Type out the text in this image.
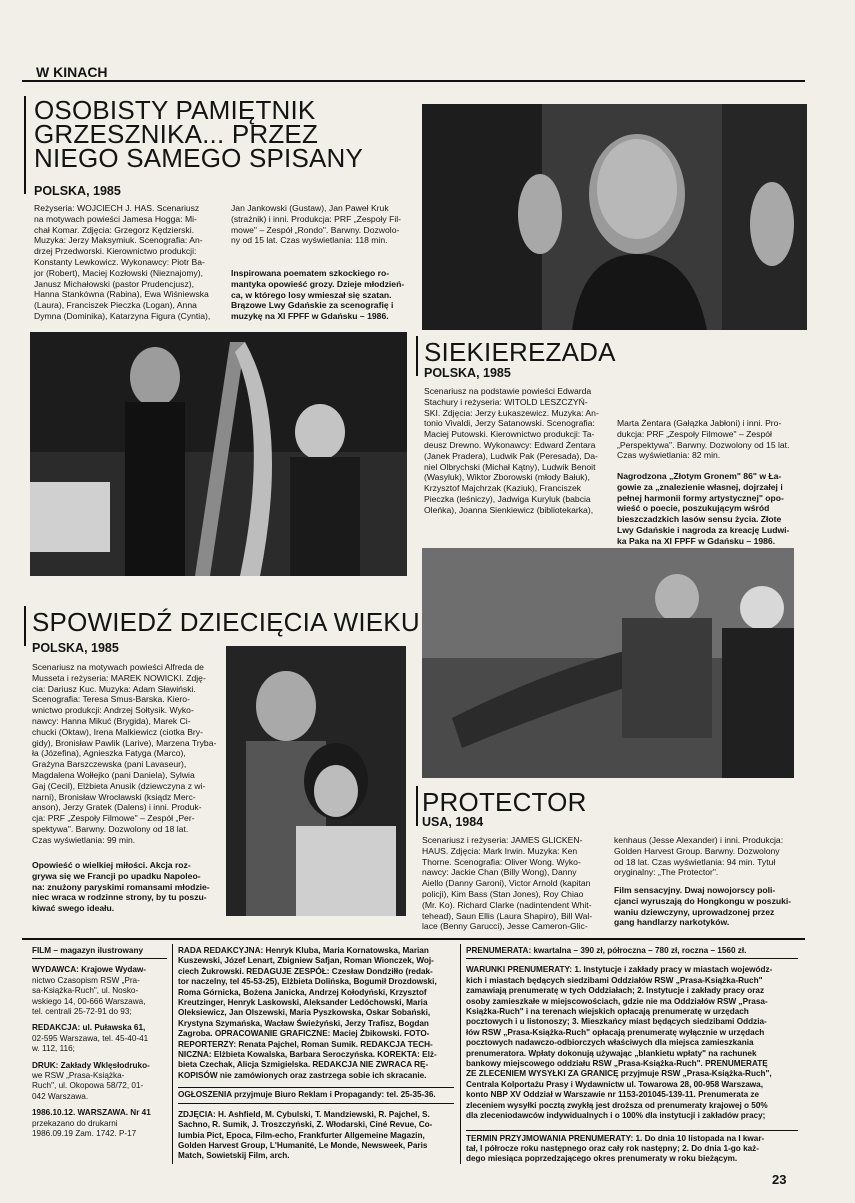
W KINACH
OSOBISTY PAMIĘTNIK
GRZESZNIKA... PRZEZ
NIEGO SAMEGO SPISANY
POLSKA, 1985
Reżyseria: WOJCIECH J. HAS. Scenariusz
na motywach powieści Jamesa Hogga: Mi-
chał Komar. Zdjęcia: Grzegorz Kędzierski.
Muzyka: Jerzy Maksymiuk. Scenografia: An-
drzej Przedworski. Kierownictwo produkcji:
Konstanty Lewkowicz. Wykonawcy: Piotr Ba-
jor (Robert), Maciej Kozłowski (Nieznajomy),
Janusz Michałowski (pastor Prudencjusz),
Hanna Stankówna (Rabina), Ewa Wiśniewska
(Laura), Franciszek Pieczka (Logan), Anna
Dymna (Dominika), Katarzyna Figura (Cyntia),
Jan Jankowski (Gustaw), Jan Paweł Kruk
(strażnik) i inni. Produkcja: PRF „Zespoły Fil-
mowe" – Zespół „Rondo". Barwny. Dozwolo-
ny od 15 lat. Czas wyświetlania: 118 min.
Inspirowana poematem szkockiego ro-
mantyka opowieść grozy. Dzieje młodzień-
ca, w którego losy wmieszał się szatan.
Brązowe Lwy Gdańskie za scenografię i
muzykę na XI FPFF w Gdańsku – 1986.
SIEKIEREZADA
POLSKA, 1985
Scenariusz na podstawie powieści Edwarda
Stachury i reżyseria: WITOLD LESZCZYŃ-
SKI. Zdjęcia: Jerzy Łukaszewicz. Muzyka: An-
tonio Vivaldi, Jerzy Satanowski. Scenografia:
Maciej Putowski. Kierownictwo produkcji: Ta-
deusz Drewno. Wykonawcy: Edward Żentara
(Janek Pradera), Ludwik Pak (Peresada), Da-
niel Olbrychski (Michał Kątny), Ludwik Benoit
(Wasyluk), Wiktor Zborowski (młody Bałuk),
Krzysztof Majchrzak (Kaziuk), Franciszek
Pieczka (leśniczy), Jadwiga Kuryluk (babcia
Oleńka), Joanna Sienkiewicz (bibliotekarka),
Marta Żentara (Gałązka Jabłoni) i inni. Pro-
dukcja: PRF „Zespoły Filmowe" – Zespół
„Perspektywa". Barwny. Dozwolony od 15 lat.
Czas wyświetlania: 82 min.
Nagrodzona „Złotym Gronem" 86" w Ła-
gowie za „znalezienie własnej, dojrzałej i
pełnej harmonii formy artystycznej" opo-
wieść o poecie, poszukującym wśród
bieszczadzkich lasów sensu życia. Złote
Lwy Gdańskie i nagroda za kreację Ludwi-
ka Paka na XI FPFF w Gdańsku – 1986.
SPOWIEDŹ DZIECIĘCIA WIEKU
POLSKA, 1985
Scenariusz na motywach powieści Alfreda de
Musseta i reżyseria: MAREK NOWICKI. Zdję-
cia: Dariusz Kuc. Muzyka: Adam Sławiński.
Scenografia: Teresa Smus-Barska. Kiero-
wnictwo produkcji: Andrzej Sołtysik. Wyko-
nawcy: Hanna Mikuć (Brygida), Marek Ci-
chucki (Oktaw), Irena Malkiewicz (ciotka Bry-
gidy), Bronisław Pawlik (Larive), Marzena Tryba-
ła (Józefina), Agnieszka Fatyga (Marco),
Grażyna Barszczewska (pani Lavaseur),
Magdalena Wołłejko (pani Daniela), Sylwia
Gaj (Cecil), Elżbieta Anusik (dziewczyna z wi-
narni), Bronisław Wrocławski (ksiądz Merc-
anson), Jerzy Gratek (Dalens) i inni. Produk-
cja: PRF „Zespoły Filmowe" – Zespół „Per-
spektywa". Barwny. Dozwolony od 18 lat.
Czas wyświetlania: 99 min.
Opowieść o wielkiej miłości. Akcja roz-
grywa się we Francji po upadku Napoleo-
na: znużony paryskimi romansami młodzie-
niec wraca w rodzinne strony, by tu poszu-
kiwać swego ideału.
PROTECTOR
USA, 1984
Scenariusz i reżyseria: JAMES GLICKEN-
HAUS. Zdjęcia: Mark Irwin. Muzyka: Ken
Thorne. Scenografia: Oliver Wong. Wyko-
nawcy: Jackie Chan (Billy Wong), Danny
Aiello (Danny Garoni), Victor Arnold (kapitan
policji), Kim Bass (Stan Jones), Roy Chiao
(Mr. Ko). Richard Clarke (nadintendent Whit-
tehead), Saun Ellis (Laura Shapiro), Bill Wal-
lace (Benny Garucci), Jesse Cameron-Glic-
kenhaus (Jesse Alexander) i inni. Produkcja:
Golden Harvest Group. Barwny. Dozwolony
od 18 lat. Czas wyświetlania: 94 min. Tytuł
oryginalny: „The Protector".
Film sensacyjny. Dwaj nowojorscy poli-
cjanci wyruszają do Hongkongu w poszuki-
waniu dziewczyny, uprowadzonej przez
gang handlarzy narkotyków.
FILM – magazyn ilustrowany
WYDAWCA: Krajowe Wydaw-
nictwo Czasopism RSW „Pra-
sa-Książka-Ruch", ul. Nosko-
wskiego 14, 00-666 Warszawa,
tel. centrali 25-72-91 do 93;
REDAKCJA: ul. Puławska 61,
02-595 Warszawa, tel. 45-40-41
w. 112, 116;
DRUK: Zakłady Wklęsłodruko-
we RSW „Prasa-Książka-
Ruch", ul. Okopowa 58/72, 01-
042 Warszawa.
1986.10.12. WARSZAWA. Nr 41
przekazano do drukarni
1986.09.19 Zam. 1742. P-17
RADA REDAKCYJNA: Henryk Kluba, Maria Kornatowska, Marian
Kuszewski, Józef Lenart, Zbigniew Safjan, Roman Wionczek, Woj-
ciech Żukrowski. REDAGUJE ZESPÓŁ: Czesław Dondziłło (redak-
tor naczelny, tel 45-53-25), Elżbieta Dolińska, Bogumił Drozdowski,
Roma Górnicka, Bożena Janicka, Andrzej Kołodyński, Krzysztof
Kreutzinger, Henryk Laskowski, Aleksander Ledóchowski, Maria
Oleksiewicz, Jan Olszewski, Maria Pyszkowska, Oskar Sobański,
Krystyna Szymańska, Wacław Świeżyński, Jerzy Trafisz, Bogdan
Zagroba. OPRACOWANIE GRAFICZNE: Maciej Żbikowski. FOTO-
REPORTERZY: Renata Pajchel, Roman Sumik. REDAKCJA TECH-
NICZNA: Elżbieta Kowalska, Barbara Seroczyńska. KOREKTA: Elż-
bieta Czechak, Alicja Szmigielska. REDAKCJA NIE ZWRACA RĘ-
KOPISÓW nie zamówionych oraz zastrzega sobie ich skracanie.
OGŁOSZENIA przyjmuje Biuro Reklam i Propagandy: tel. 25-35-36.
ZDJĘCIA: H. Ashfield, M. Cybulski, T. Mandziewski, R. Pajchel, S.
Sachno, R. Sumik, J. Troszczyński, Z. Włodarski, Ciné Revue, Co-
lumbia Pict, Epoca, Film-echo, Frankfurter Allgemeine Magazin,
Golden Harvest Group, L'Humanité, Le Monde, Newsweek, Paris
Match, Sowietskij Film, arch.
PRENUMERATA: kwartalna – 390 zł, półroczna – 780 zł, roczna – 1560 zł.
WARUNKI PRENUMERATY: 1. Instytucje i zakłady pracy w miastach wojewódz-
kich i miastach będących siedzibami Oddziałów RSW „Prasa-Książka-Ruch"
zamawiają prenumeratę w tych Oddziałach; 2. Instytucje i zakłady pracy oraz
osoby zamieszkałe w miejscowościach, gdzie nie ma Oddziałów RSW „Prasa-
Książka-Ruch" i na terenach wiejskich opłacają prenumeratę w urzędach
pocztowych i u listonoszy; 3. Mieszkańcy miast będących siedzibami Oddzia-
łów RSW „Prasa-Książka-Ruch" opłacają prenumeratę wyłącznie w urzędach
pocztowych nadawczo-odbiorczych właściwych dla miejsca zamieszkania
prenumeratora. Wpłaty dokonują używając „blankietu wpłaty" na rachunek
bankowy miejscowego oddziału RSW „Prasa-Książka-Ruch". PRENUMERATĘ
ZE ZLECENIEM WYSYŁKI ZA GRANICĘ przyjmuje RSW „Prasa-Książka-Ruch",
Centrala Kolportażu Prasy i Wydawnictw ul. Towarowa 28, 00-958 Warszawa,
konto NBP XV Oddział w Warszawie nr 1153-201045-139-11. Prenumerata ze
zleceniem wysyłki pocztą zwykłą jest droższa od prenumeraty krajowej o 50%
dla zleceniodawców indywidualnych i o 100% dla instytucji i zakładów pracy;
TERMIN PRZYJMOWANIA PRENUMERATY: 1. Do dnia 10 listopada na I kwar-
tał, I półrocze roku następnego oraz cały rok następny; 2. Do dnia 1-go każ-
dego miesiąca poprzedzającego okres prenumeraty w roku bieżącym.
23
